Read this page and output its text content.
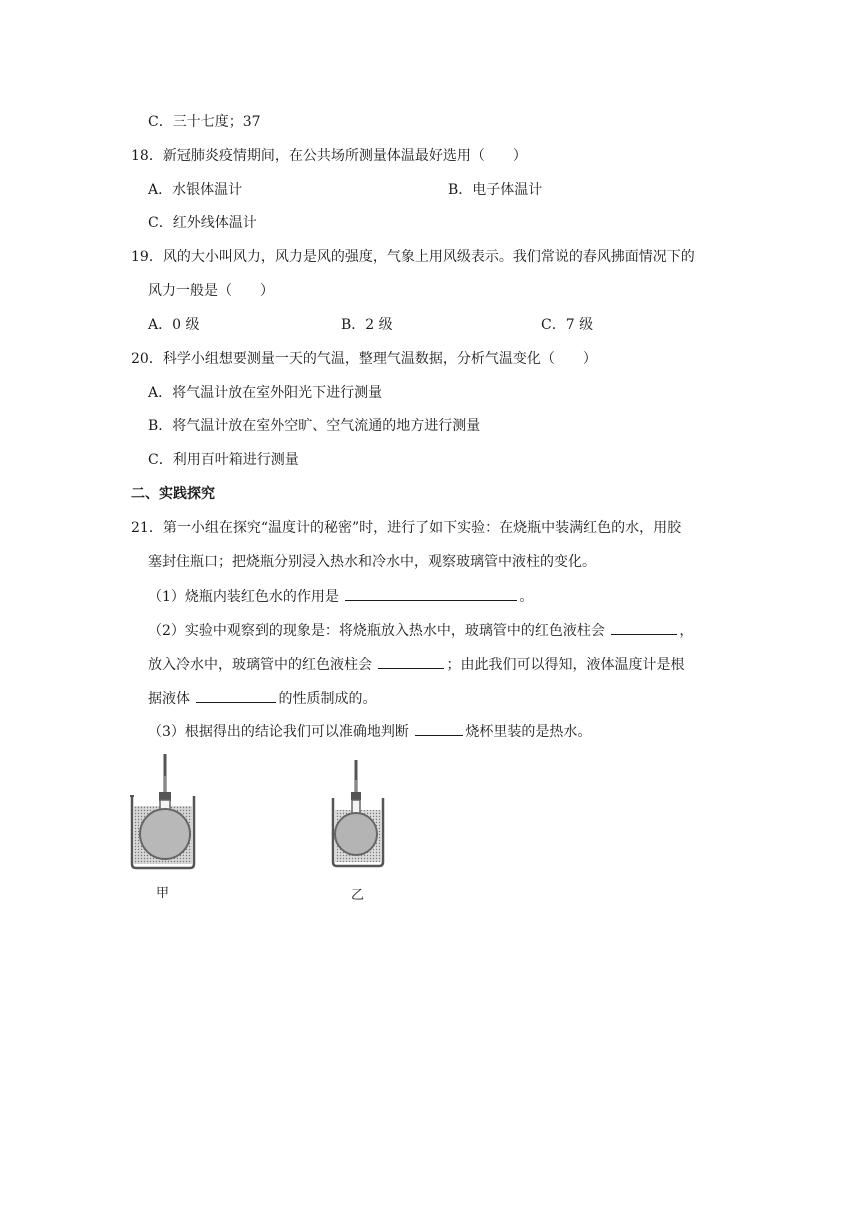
C．三十七度；37
18．新冠肺炎疫情期间，在公共场所测量体温最好选用（　　）
A．水银体温计	B．电子体温计
C．红外线体温计
19．风的大小叫风力，风力是风的强度，气象上用风级表示。我们常说的春风拂面情况下的
风力一般是（　　）
A．0 级	B．2 级	C．7 级
20．科学小组想要测量一天的气温，整理气温数据，分析气温变化（　　）
A．将气温计放在室外阳光下进行测量
B．将气温计放在室外空旷、空气流通的地方进行测量
C．利用百叶箱进行测量
二、实践探究
21．第一小组在探究“温度计的秘密”时，进行了如下实验：在烧瓶中装满红色的水，用胶
塞封住瓶口；把烧瓶分别浸入热水和冷水中，观察玻璃管中液柱的变化。
（1）烧瓶内装红色水的作用是	。
（2）实验中观察到的现象是：将烧瓶放入热水中，玻璃管中的红色液柱会	，
放入冷水中，玻璃管中的红色液柱会	；由此我们可以得知，液体温度计是根
据液体	的性质制成的。
（3）根据得出的结论我们可以准确地判断	烧杯里装的是热水。
甲	乙
